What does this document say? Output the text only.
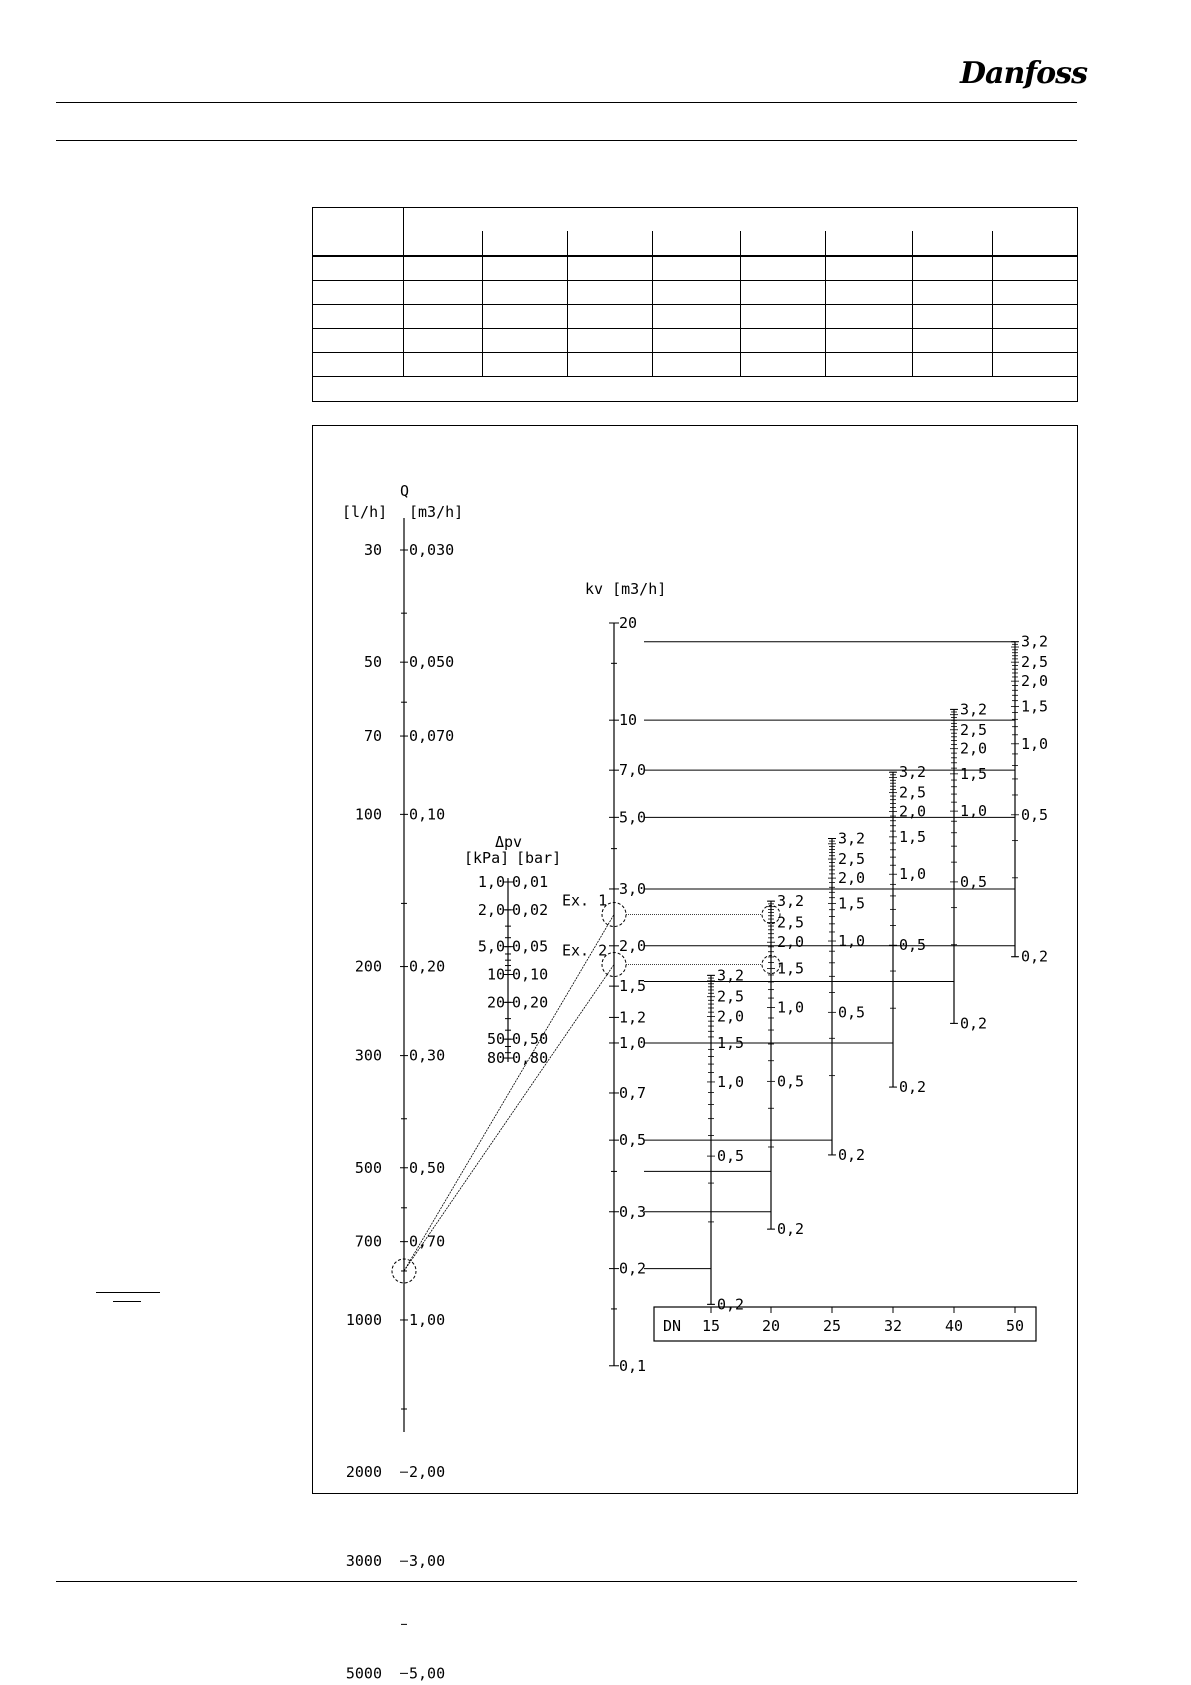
Danfoss

Q
[l/h] [m3/h]
30 0,030
50 0,050
70 0,070
100 0,10
200 0,20
300 0,30
500 0,50
700 0,70
1000 1,00
2000 2,00
3000 3,00
5000 5,00
Δpv
[kPa] [bar]
1,0 0,01
2,0 0,02
5,0 0,05
10 0,10
20 0,20
50 0,50
80 0,80
kv [m3/h]
20
10
7,0
5,0
3,0
2,0
1,5
1,2
1,0
0,7
0,5
0,3
0,2
0,1
3,2
2,5
2,0
1,5
1,0
0,5
0,2
3,2
2,5
2,0
1,5
1,0
0,5
0,2
3,2
2,5
2,0
1,5
1,0
0,5
0,2
3,2
2,5
2,0
1,5
1,0
0,5
0,2
3,2
2,5
2,0
1,5
1,0
0,5
0,2
3,2
2,5
2,0
1,5
1,0
0,5
0,2
DN 15	20	25	32	40	50
Ex. 1
Ex. 2
